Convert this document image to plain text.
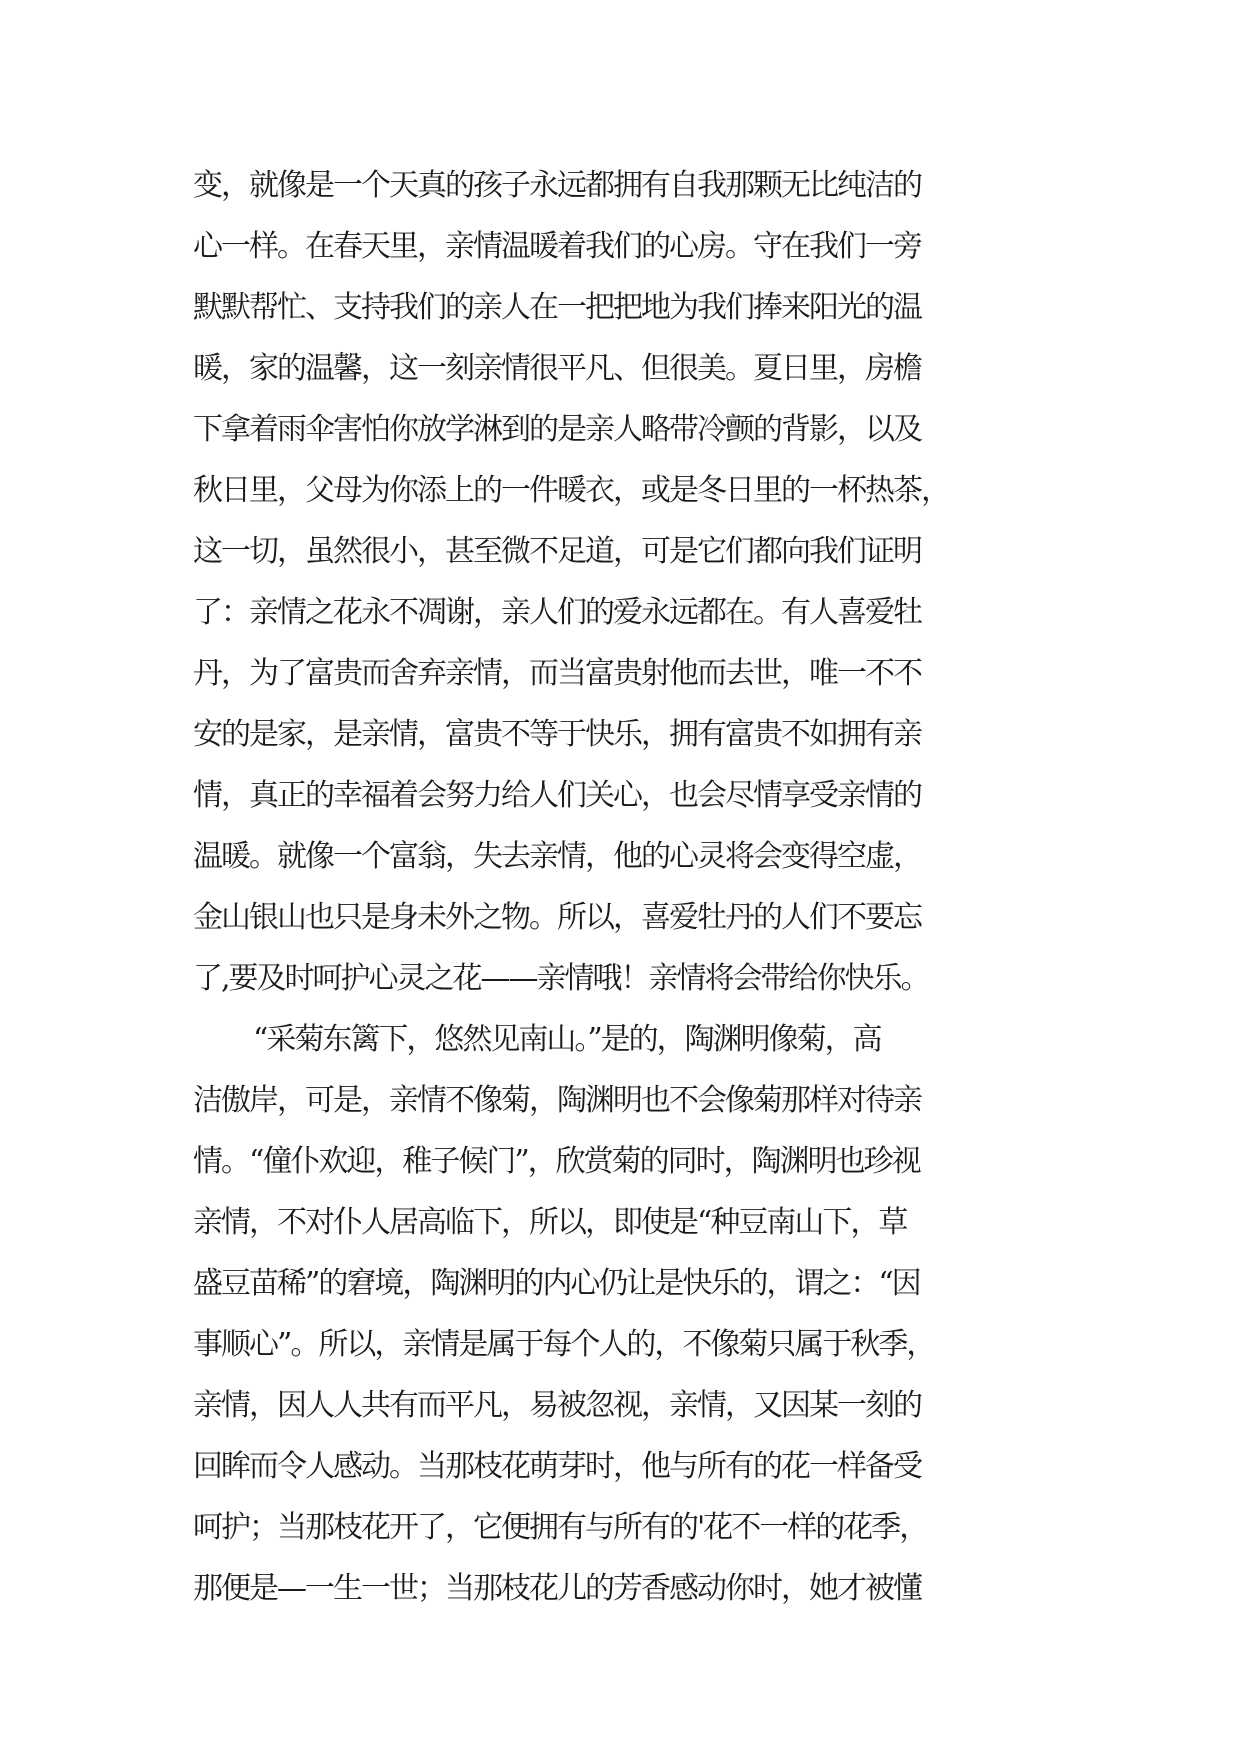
变，就像是一个天真的孩子永远都拥有自我那颗无比纯洁的
心一样。在春天里，亲情温暖着我们的心房。守在我们一旁
默默帮忙、支持我们的亲人在一把把地为我们捧来阳光的温
暖，家的温馨，这一刻亲情很平凡、但很美。夏日里，房檐
下拿着雨伞害怕你放学淋到的是亲人略带冷颤的背影，以及
秋日里，父母为你添上的一件暖衣，或是冬日里的一杯热茶，
这一切，虽然很小，甚至微不足道，可是它们都向我们证明
了：亲情之花永不凋谢，亲人们的爱永远都在。有人喜爱牡
丹，为了富贵而舍弃亲情，而当富贵射他而去世，唯一不不
安的是家，是亲情，富贵不等于快乐，拥有富贵不如拥有亲
情，真正的幸福着会努力给人们关心，也会尽情享受亲情的
温暖。就像一个富翁，失去亲情，他的心灵将会变得空虚，
金山银山也只是身未外之物。所以，喜爱牡丹的人们不要忘
了,要及时呵护心灵之花——亲情哦！亲情将会带给你快乐。
“采菊东篱下，悠然见南山。”是的，陶渊明像菊，高
洁傲岸，可是，亲情不像菊，陶渊明也不会像菊那样对待亲
情。“僮仆欢迎，稚子候门”，欣赏菊的同时，陶渊明也珍视
亲情，不对仆人居高临下，所以，即使是“种豆南山下，草
盛豆苗稀”的窘境，陶渊明的内心仍让是快乐的，谓之：“因
事顺心”。所以，亲情是属于每个人的，不像菊只属于秋季，
亲情，因人人共有而平凡，易被忽视，亲情，又因某一刻的
回眸而令人感动。当那枝花萌芽时，他与所有的花一样备受
呵护；当那枝花开了，它便拥有与所有的'花不一样的花季，
那便是—一生一世；当那枝花儿的芳香感动你时，她才被懂
